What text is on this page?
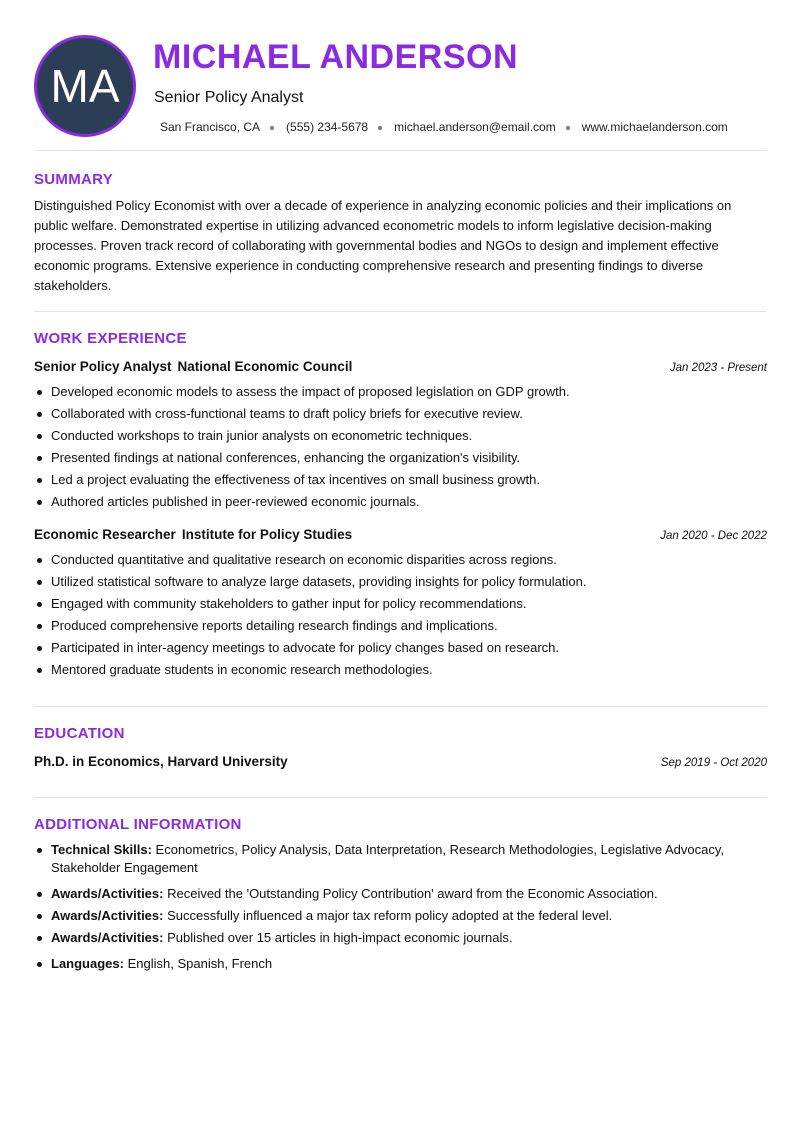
MA
MICHAEL ANDERSON
Senior Policy Analyst
San Francisco, CA (555) 234-5678 michael.anderson@email.com www.michaelanderson.com
SUMMARY

Distinguished Policy Economist with over a decade of experience in analyzing economic policies and their implications on public welfare. Demonstrated expertise in utilizing advanced econometric models to inform legislative decision-making processes. Proven track record of collaborating with governmental bodies and NGOs to design and implement effective economic programs. Extensive experience in conducting comprehensive research and presenting findings to diverse stakeholders.

WORK EXPERIENCE
Senior Policy Analyst National Economic Council	Jan 2023 - Present
Developed economic models to assess the impact of proposed legislation on GDP growth.
Collaborated with cross-functional teams to draft policy briefs for executive review.
Conducted workshops to train junior analysts on econometric techniques.
Presented findings at national conferences, enhancing the organization's visibility.
Led a project evaluating the effectiveness of tax incentives on small business growth.
Authored articles published in peer-reviewed economic journals.
Economic Researcher Institute for Policy Studies	Jan 2020 - Dec 2022
Conducted quantitative and qualitative research on economic disparities across regions.
Utilized statistical software to analyze large datasets, providing insights for policy formulation.
Engaged with community stakeholders to gather input for policy recommendations.
Produced comprehensive reports detailing research findings and implications.
Participated in inter-agency meetings to advocate for policy changes based on research.
Mentored graduate students in economic research methodologies.
EDUCATION
Ph.D. in Economics, Harvard University	Sep 2019 - Oct 2020
ADDITIONAL INFORMATION
Technical Skills: Econometrics, Policy Analysis, Data Interpretation, Research Methodologies, Legislative Advocacy, Stakeholder Engagement
Awards/Activities: Received the 'Outstanding Policy Contribution' award from the Economic Association.
Awards/Activities: Successfully influenced a major tax reform policy adopted at the federal level.
Awards/Activities: Published over 15 articles in high-impact economic journals.
Languages: English, Spanish, French
